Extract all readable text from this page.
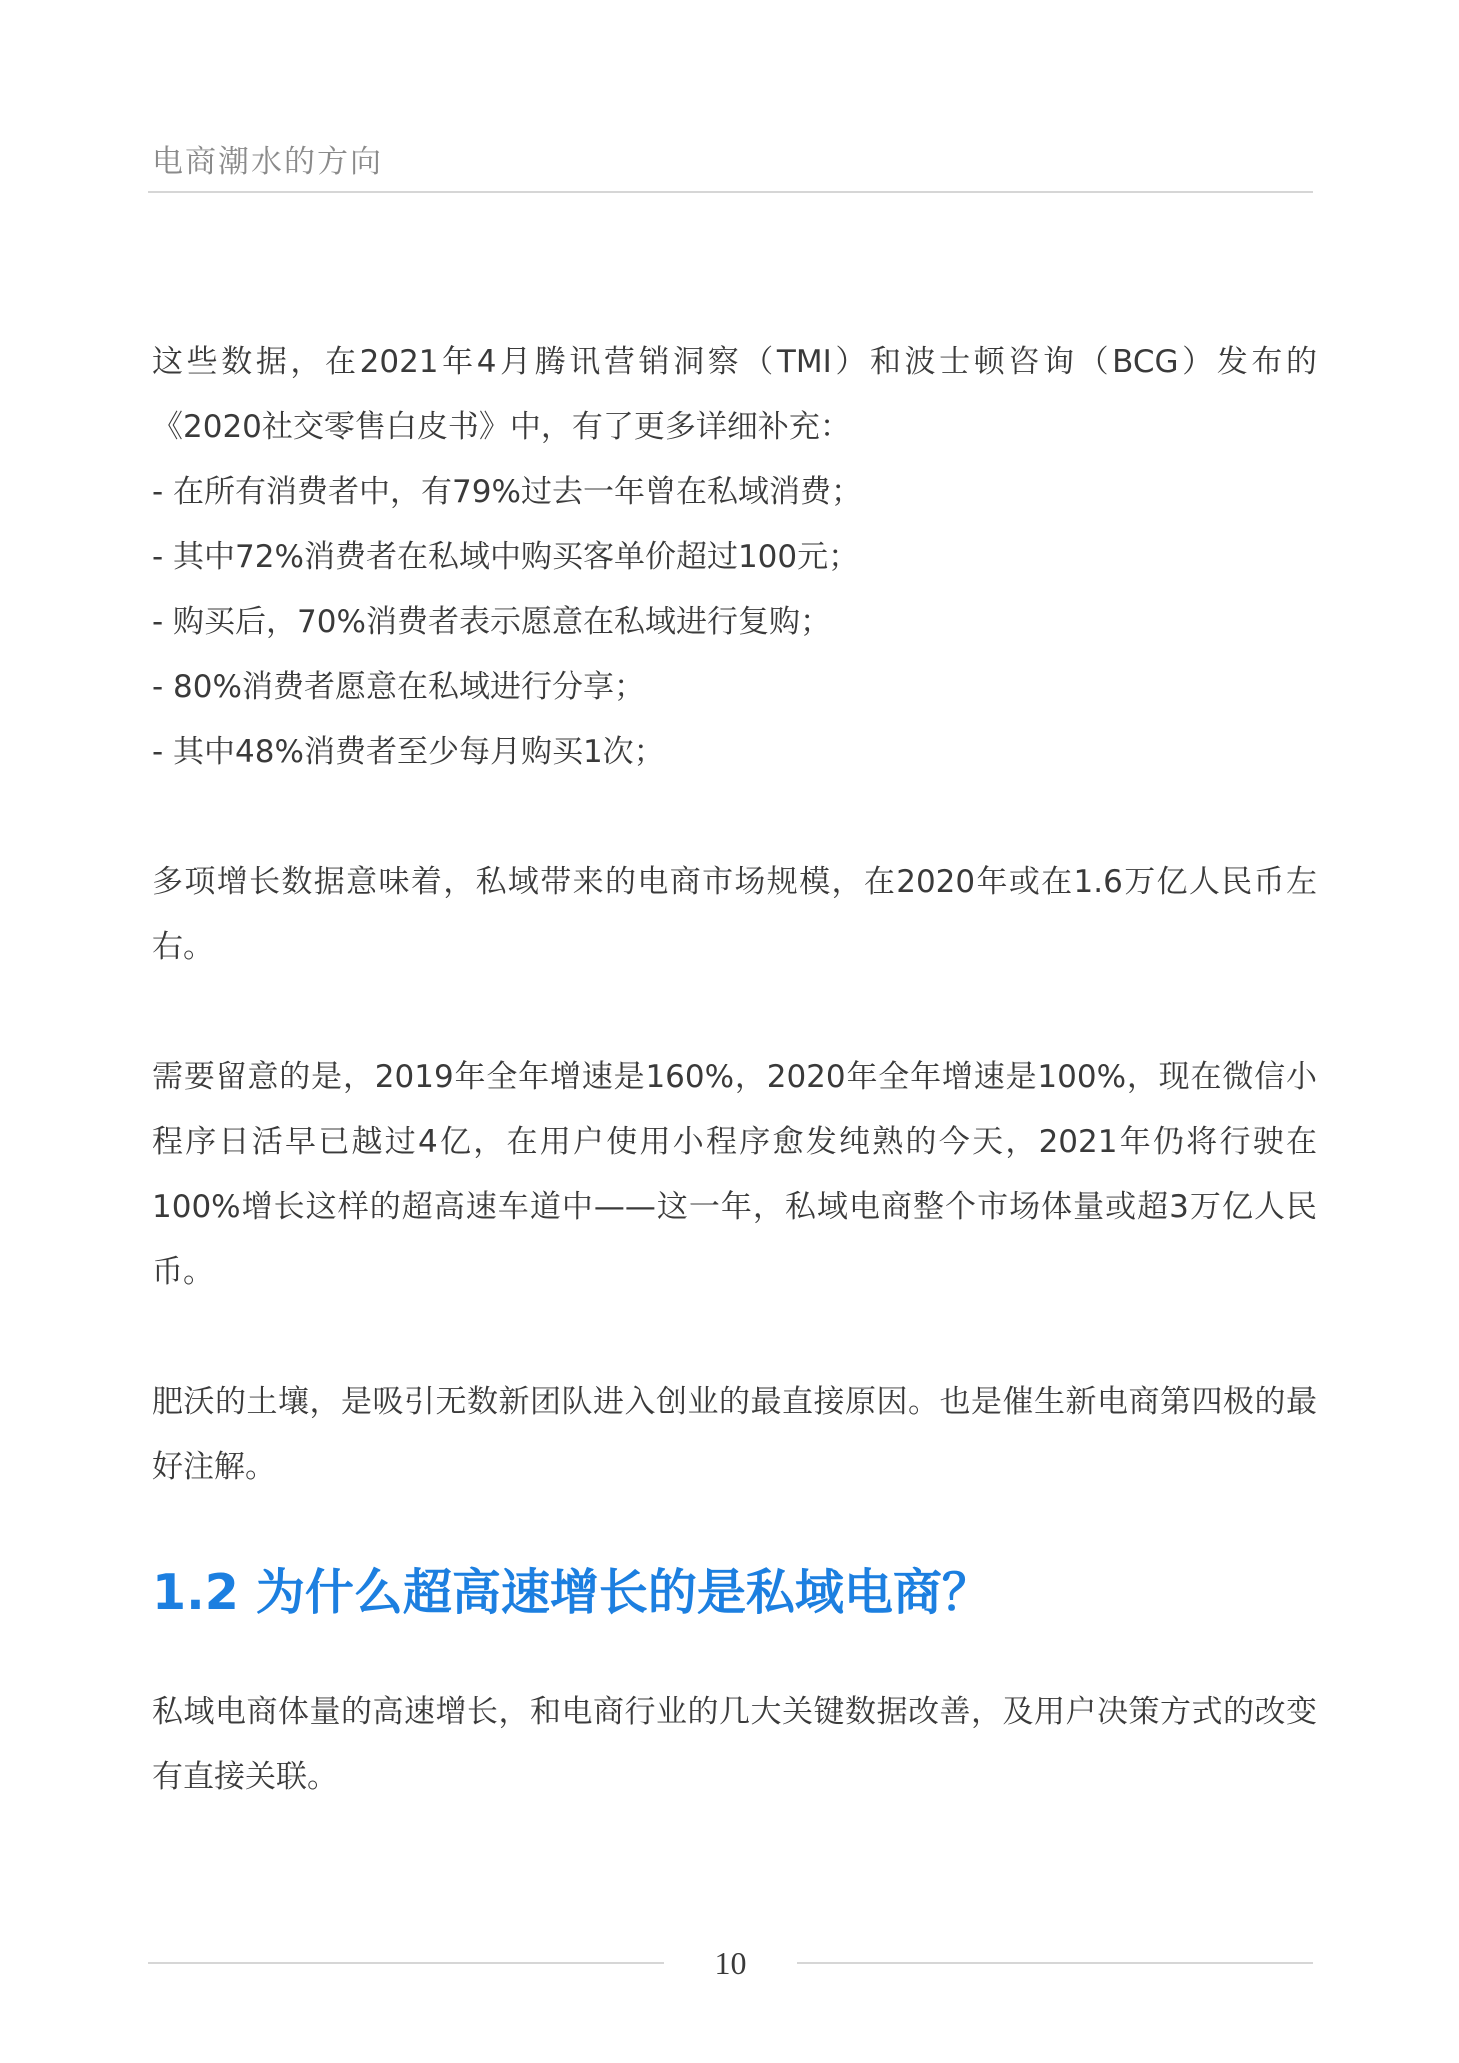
电商潮水的方向

这些数据，在2021年4月腾讯营销洞察（TMI）和波士顿咨询（BCG）发布的《2020社交零售白皮书》中，有了更多详细补充：

- 在所有消费者中，有79%过去一年曾在私域消费；
- 其中72%消费者在私域中购买客单价超过100元；
- 购买后，70%消费者表示愿意在私域进行复购；
- 80%消费者愿意在私域进行分享；
- 其中48%消费者至少每月购买1次；

多项增长数据意味着，私域带来的电商市场规模，在2020年或在1.6万亿人民币左右。

需要留意的是，2019年全年增速是160%，2020年全年增速是100%，现在微信小程序日活早已越过4亿，在用户使用小程序愈发纯熟的今天，2021年仍将行驶在100%增长这样的超高速车道中——这一年，私域电商整个市场体量或超3万亿人民币。

肥沃的土壤，是吸引无数新团队进入创业的最直接原因。也是催生新电商第四极的最好注解。

1.2 为什么超高速增长的是私域电商？

私域电商体量的高速增长，和电商行业的几大关键数据改善，及用户决策方式的改变有直接关联。

10
